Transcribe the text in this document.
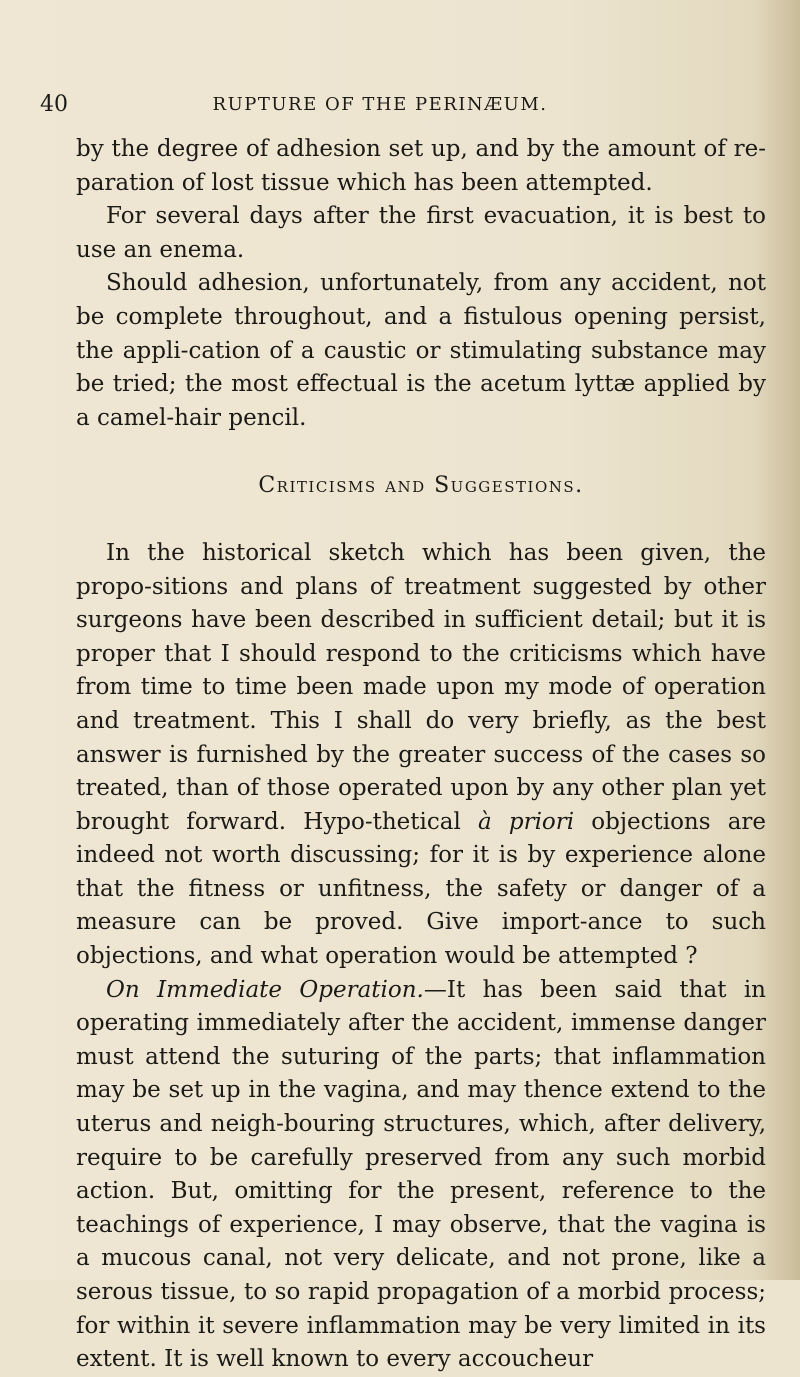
40	RUPTURE OF THE PERINÆUM.

by the degree of adhesion set up, and by the amount of re-paration of lost tissue which has been attempted.

For several days after the first evacuation, it is best to use an enema.

Should adhesion, unfortunately, from any accident, not be complete throughout, and a fistulous opening persist, the appli-cation of a caustic or stimulating substance may be tried; the most effectual is the acetum lyttæ applied by a camel-hair pencil.

Criticisms and Suggestions.

In the historical sketch which has been given, the propo-sitions and plans of treatment suggested by other surgeons have been described in sufficient detail; but it is proper that I should respond to the criticisms which have from time to time been made upon my mode of operation and treatment. This I shall do very briefly, as the best answer is furnished by the greater success of the cases so treated, than of those operated upon by any other plan yet brought forward. Hypo-thetical à priori objections are indeed not worth discussing; for it is by experience alone that the fitness or unfitness, the safety or danger of a measure can be proved. Give import-ance to such objections, and what operation would be attempted ?

On Immediate Operation.—It has been said that in operating immediately after the accident, immense danger must attend the suturing of the parts; that inflammation may be set up in the vagina, and may thence extend to the uterus and neigh-bouring structures, which, after delivery, require to be carefully preserved from any such morbid action. But, omitting for the present, reference to the teachings of experience, I may observe, that the vagina is a mucous canal, not very delicate, and not prone, like a serous tissue, to so rapid propagation of a morbid process; for within it severe inflammation may be very limited in its extent. It is well known to every accoucheur
